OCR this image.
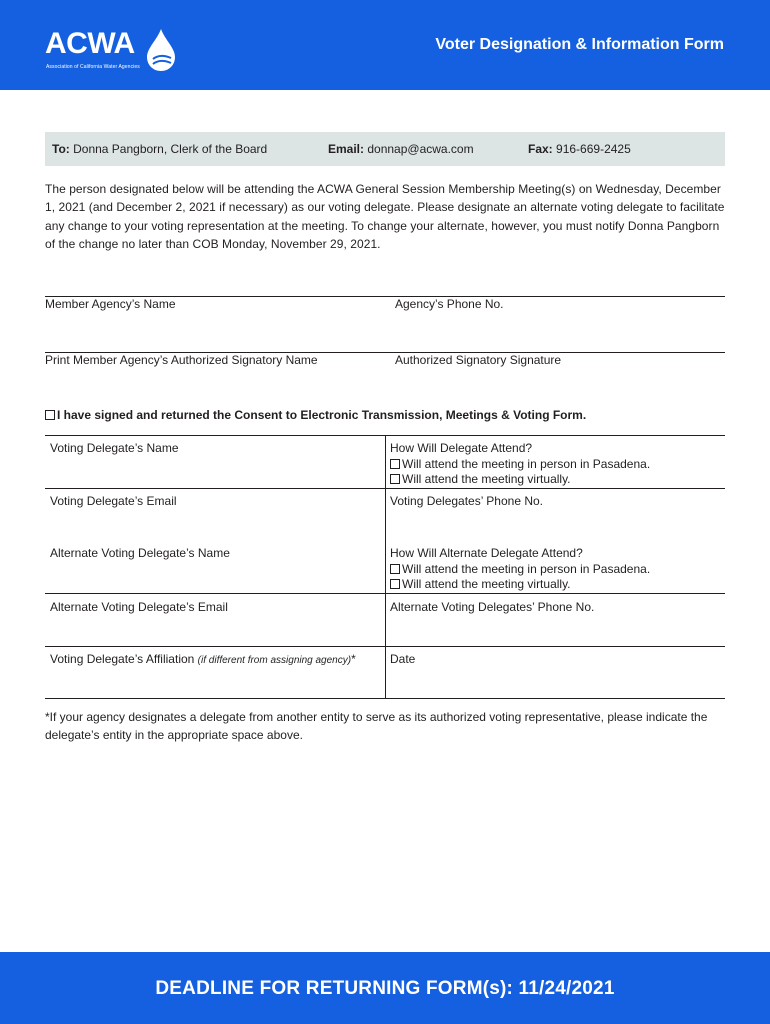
ACWA
Association of California Water Agencies
Voter Designation & Information Form
To: Donna Pangborn, Clerk of the Board	Email: donnap@acwa.com	Fax: 916-669-2425
The person designated below will be attending the ACWA General Session Membership Meeting(s) on Wednesday, December 1, 2021 (and December 2, 2021 if necessary) as our voting delegate. Please designate an alternate voting delegate to facilitate any change to your voting representation at the meeting. To change your alternate, however, you must notify Donna Pangborn of the change no later than COB Monday, November 29, 2021.
Member Agency’s Name	Agency’s Phone No.
Print Member Agency’s Authorized Signatory Name	Authorized Signatory Signature
I have signed and returned the Consent to Electronic Transmission, Meetings & Voting Form.
Voting Delegate’s Name	How Will Delegate Attend?
Will attend the meeting in person in Pasadena.
Will attend the meeting virtually.
Voting Delegate’s Email	Voting Delegates’ Phone No.
Alternate Voting Delegate’s Name	How Will Alternate Delegate Attend?
Will attend the meeting in person in Pasadena.
Will attend the meeting virtually.
Alternate Voting Delegate’s Email	Alternate Voting Delegates’ Phone No.
Voting Delegate’s Affiliation (if different from assigning agency)*	Date
*If your agency designates a delegate from another entity to serve as its authorized voting representative, please indicate the delegate’s entity in the appropriate space above.
DEADLINE FOR RETURNING FORM(s): 11/24/2021
